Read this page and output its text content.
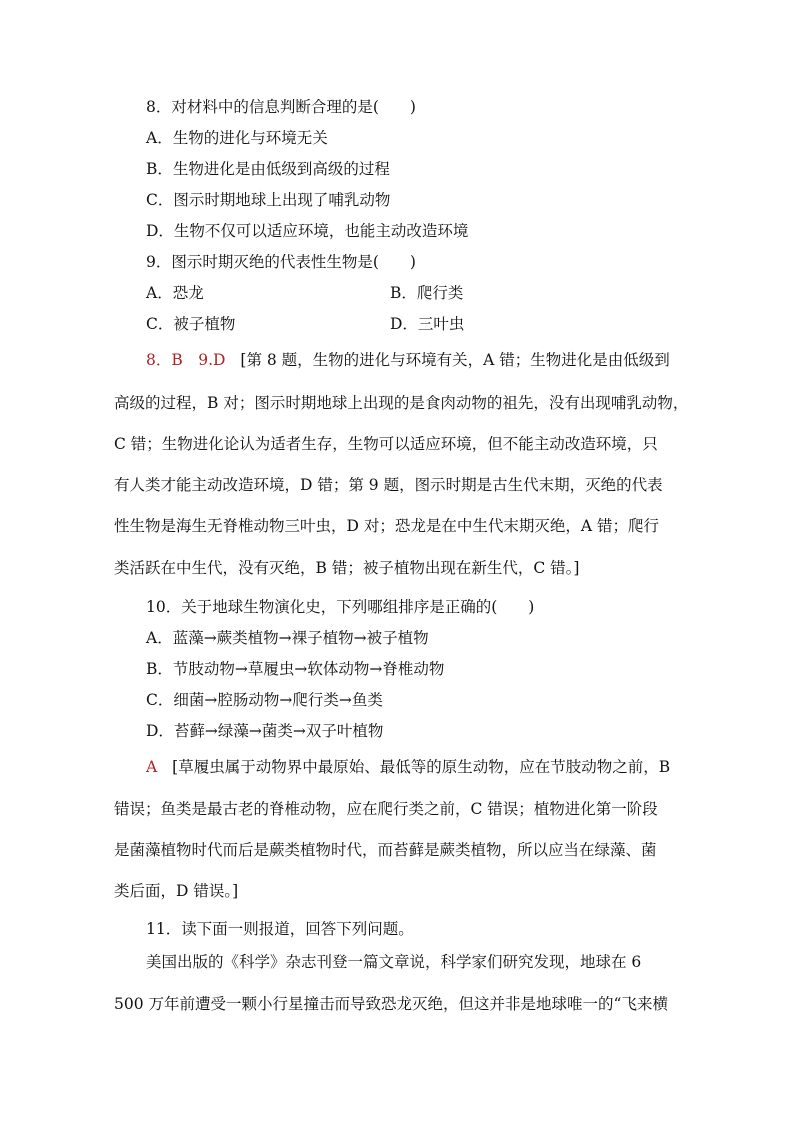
8．对材料中的信息判断合理的是(　　)
A．生物的进化与环境无关
B．生物进化是由低级到高级的过程
C．图示时期地球上出现了哺乳动物
D．生物不仅可以适应环境，也能主动改造环境
9．图示时期灭绝的代表性生物是(　　)
A．恐龙	B．爬行类
C．被子植物	D．三叶虫
8．B　9.D [第 8 题，生物的进化与环境有关，A 错；生物进化是由低级到
高级的过程，B 对；图示时期地球上出现的是食肉动物的祖先，没有出现哺乳动物，
C 错；生物进化论认为适者生存，生物可以适应环境，但不能主动改造环境，只
有人类才能主动改造环境，D 错；第 9 题，图示时期是古生代末期，灭绝的代表
性生物是海生无脊椎动物三叶虫，D 对；恐龙是在中生代末期灭绝，A 错；爬行
类活跃在中生代，没有灭绝，B 错；被子植物出现在新生代，C 错。]
10．关于地球生物演化史，下列哪组排序是正确的(　　)
A．蓝藻→蕨类植物→裸子植物→被子植物
B．节肢动物→草履虫→软体动物→脊椎动物
C．细菌→腔肠动物→爬行类→鱼类
D．苔藓→绿藻→菌类→双子叶植物
A [草履虫属于动物界中最原始、最低等的原生动物，应在节肢动物之前，B
错误；鱼类是最古老的脊椎动物，应在爬行类之前，C 错误；植物进化第一阶段
是菌藻植物时代而后是蕨类植物时代，而苔藓是蕨类植物，所以应当在绿藻、菌
类后面，D 错误。]
11．读下面一则报道，回答下列问题。
美国出版的《科学》杂志刊登一篇文章说，科学家们研究发现，地球在 6
500 万年前遭受一颗小行星撞击而导致恐龙灭绝，但这并非是地球唯一的“飞来横
